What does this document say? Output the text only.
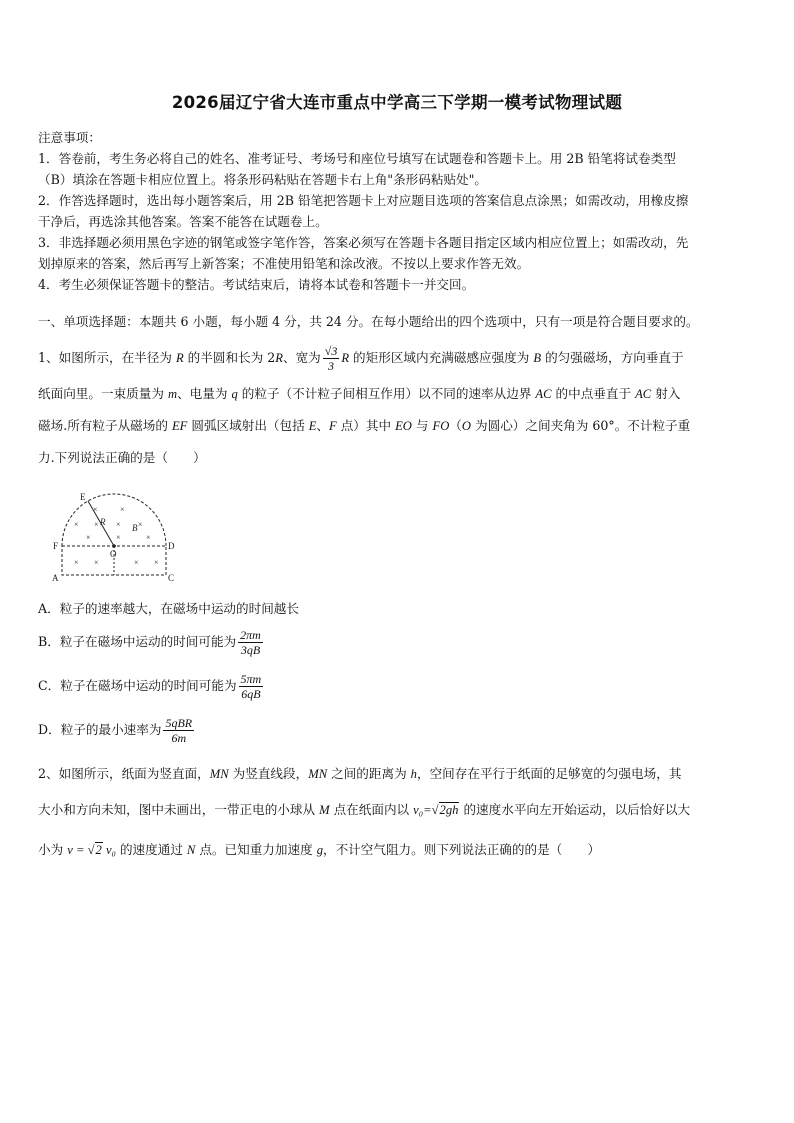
2026届辽宁省大连市重点中学高三下学期一模考试物理试题

注意事项：

1．答卷前，考生务必将自己的姓名、准考证号、考场号和座位号填写在试题卷和答题卡上。用 2B 铅笔将试卷类型

（B）填涂在答题卡相应位置上。将条形码粘贴在答题卡右上角"条形码粘贴处"。

2．作答选择题时，选出每小题答案后，用 2B 铅笔把答题卡上对应题目选项的答案信息点涂黑；如需改动，用橡皮擦

干净后，再选涂其他答案。答案不能答在试题卷上。

3．非选择题必须用黑色字迹的钢笔或签字笔作答，答案必须写在答题卡各题目指定区域内相应位置上；如需改动，先

划掉原来的答案，然后再写上新答案；不准使用铅笔和涂改液。不按以上要求作答无效。

4．考生必须保证答题卡的整洁。考试结束后，请将本试卷和答题卡一并交回。

一、单项选择题：本题共 6 小题，每小题 4 分，共 24 分。在每小题给出的四个选项中，只有一项是符合题目要求的。

1、如图所示，在半径为 R 的半圆和长为 2R、宽为 $\frac{√3}{3}$ R 的矩形区域内充满磁感应强度为 B 的匀强磁场，方向垂直于

纸面向里。一束质量为 m、电量为 q 的粒子（不计粒子间相互作用）以不同的速率从边界 AC 的中点垂直于 AC 射入

磁场.所有粒子从磁场的 EF 圆弧区域射出（包括 E、F 点）其中 EO 与 FO（O 为圆心）之间夹角为 60°。不计粒子重

力.下列说法正确的是（　　）

×	×
× × × ×
×	×	×
× ×	× ×
E
R
B
F	D
O
A	C

A．粒子的速率越大，在磁场中运动的时间越长

B．粒子在磁场中运动的时间可能为 $\frac{2\pi m}{3qB}$

C．粒子在磁场中运动的时间可能为 $\frac{5\pi m}{6qB}$

D．粒子的最小速率为 $\frac{\text{5qBR}}{6m}$

2、如图所示，纸面为竖直面，MN 为竖直线段，MN 之间的距离为 h，空间存在平行于纸面的足够宽的匀强电场，其

大小和方向未知，图中未画出，一带正电的小球从 M 点在纸面内以 v₀=√2gh 的速度水平向左开始运动，以后恰好以大

小为 v = √2 v₀ 的速度通过 N 点。已知重力加速度 g，不计空气阻力。则下列说法正确的的是（　　）
